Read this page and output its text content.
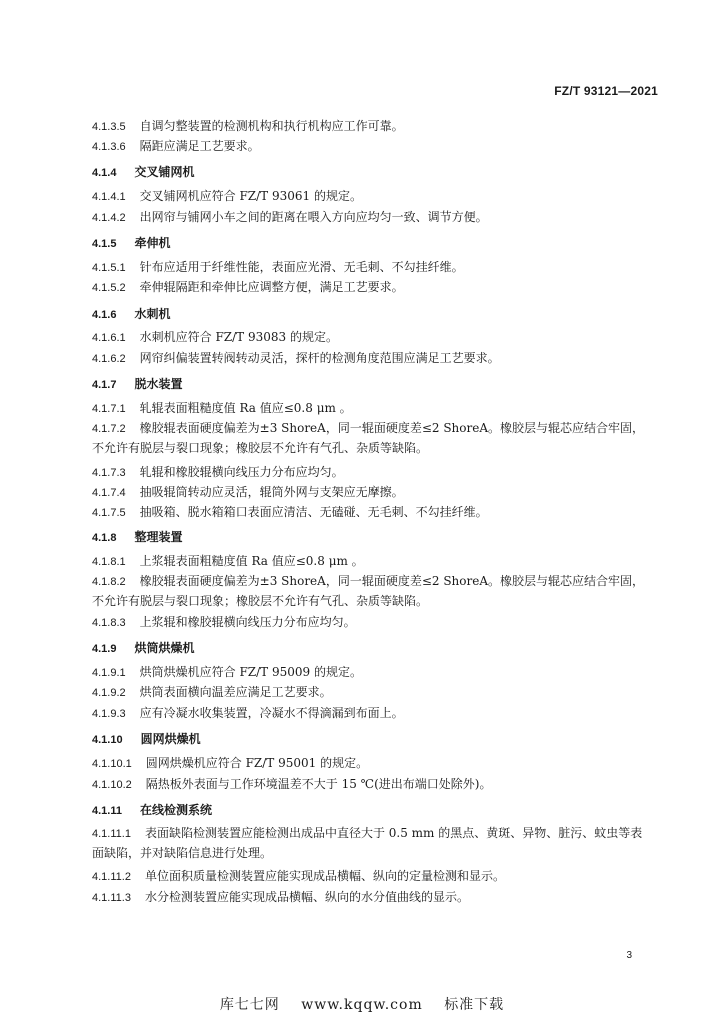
FZ/T 93121—2021
4.1.3.5 自调匀整装置的检测机构和执行机构应工作可靠。
4.1.3.6 隔距应满足工艺要求。
4.1.4 交叉铺网机
4.1.4.1 交叉铺网机应符合 FZ/T 93061 的规定。
4.1.4.2 出网帘与铺网小车之间的距离在喂入方向应均匀一致、调节方便。
4.1.5 牵伸机
4.1.5.1 针布应适用于纤维性能，表面应光滑、无毛刺、不勾挂纤维。
4.1.5.2 牵伸辊隔距和牵伸比应调整方便，满足工艺要求。
4.1.6 水刺机
4.1.6.1 水刺机应符合 FZ/T 93083 的规定。
4.1.6.2 网帘纠偏装置转阀转动灵活，探杆的检测角度范围应满足工艺要求。
4.1.7 脱水装置
4.1.7.1 轧辊表面粗糙度值 Ra 值应≤0.8 μm 。
4.1.7.2 橡胶辊表面硬度偏差为±3 ShoreA，同一辊面硬度差≤2 ShoreA。橡胶层与辊芯应结合牢固，
不允许有脱层与裂口现象；橡胶层不允许有气孔、杂质等缺陷。
4.1.7.3 轧辊和橡胶辊横向线压力分布应均匀。
4.1.7.4 抽吸辊筒转动应灵活，辊筒外网与支架应无摩擦。
4.1.7.5 抽吸箱、脱水箱箱口表面应清洁、无磕碰、无毛刺、不勾挂纤维。
4.1.8 整理装置
4.1.8.1 上浆辊表面粗糙度值 Ra 值应≤0.8 μm 。
4.1.8.2 橡胶辊表面硬度偏差为±3 ShoreA，同一辊面硬度差≤2 ShoreA。橡胶层与辊芯应结合牢固，
不允许有脱层与裂口现象；橡胶层不允许有气孔、杂质等缺陷。
4.1.8.3 上浆辊和橡胶辊横向线压力分布应均匀。
4.1.9 烘筒烘燥机
4.1.9.1 烘筒烘燥机应符合 FZ/T 95009 的规定。
4.1.9.2 烘筒表面横向温差应满足工艺要求。
4.1.9.3 应有冷凝水收集装置，冷凝水不得滴漏到布面上。
4.1.10 圆网烘燥机
4.1.10.1 圆网烘燥机应符合 FZ/T 95001 的规定。
4.1.10.2 隔热板外表面与工作环境温差不大于 15 ℃(进出布端口处除外)。
4.1.11 在线检测系统
4.1.11.1 表面缺陷检测装置应能检测出成品中直径大于 0.5 mm 的黑点、黄斑、异物、脏污、蚊虫等表
面缺陷，并对缺陷信息进行处理。
4.1.11.2 单位面积质量检测装置应能实现成品横幅、纵向的定量检测和显示。
4.1.11.3 水分检测装置应能实现成品横幅、纵向的水分值曲线的显示。
3
库七七网 www.kqqw.com 标准下载
